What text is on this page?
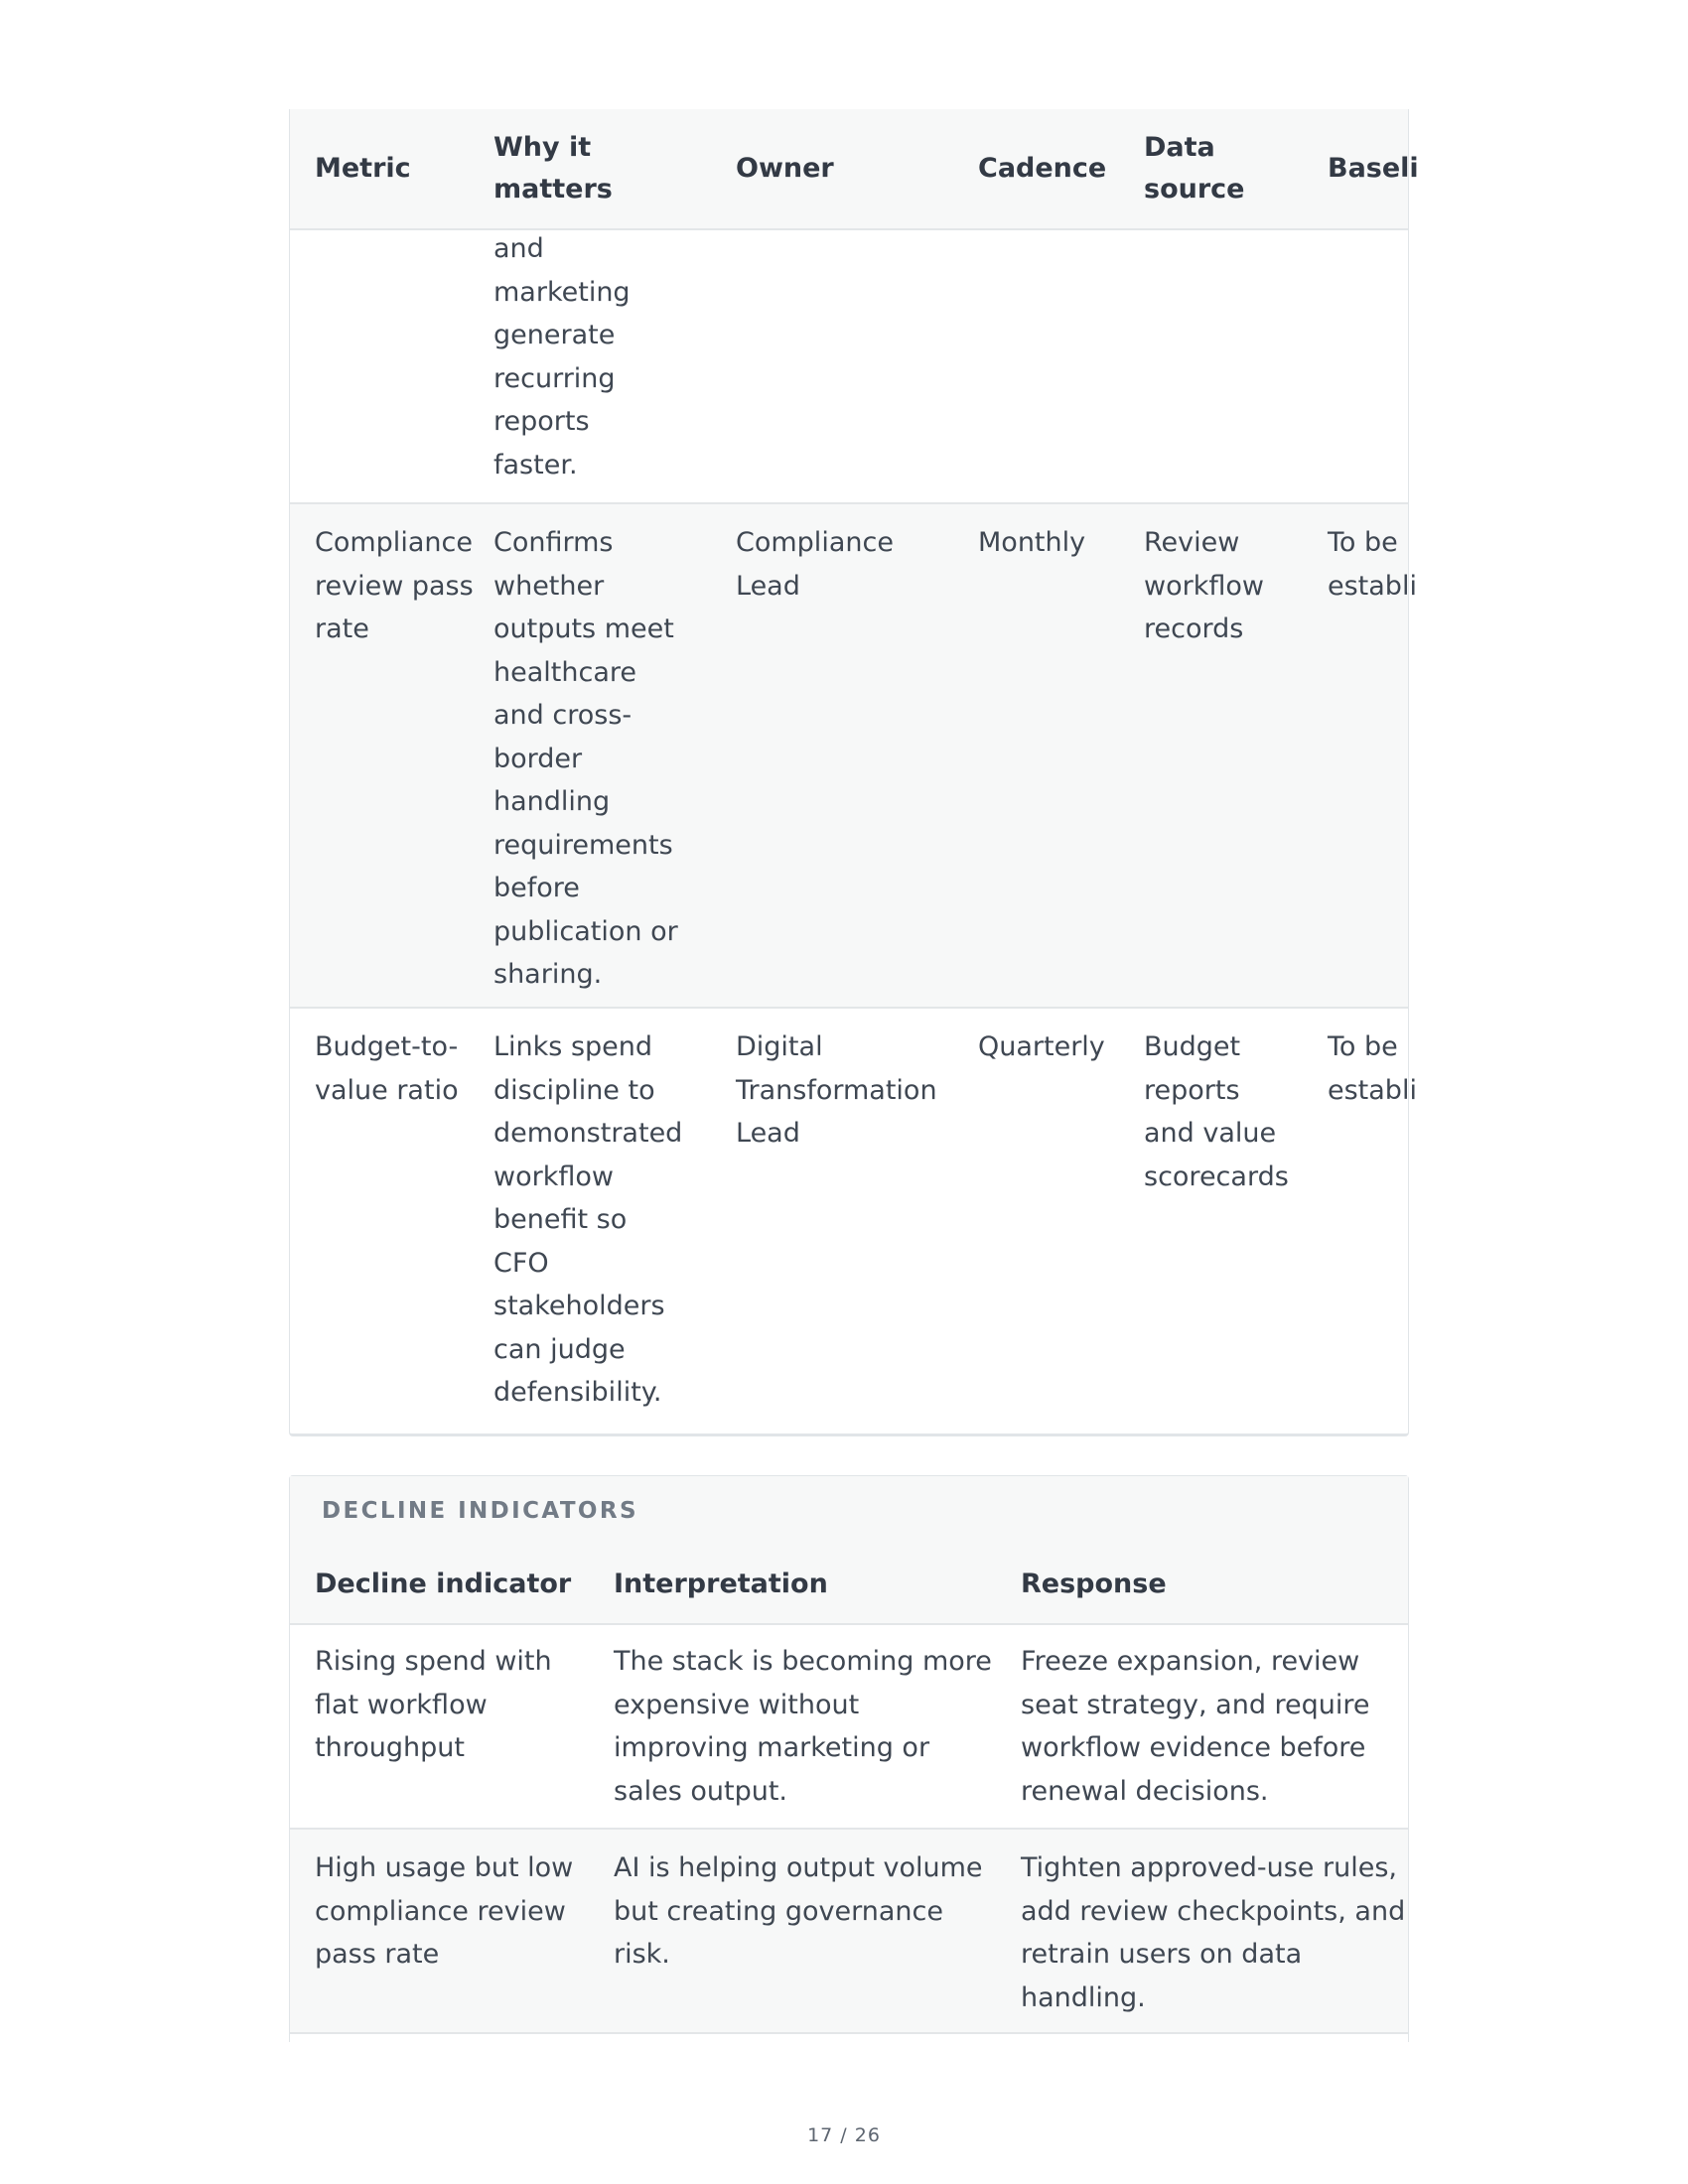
and
marketing
generate
recurring
reports
faster.
Compliance
review pass
rate
Confirms
whether
outputs meet
healthcare
and cross-
border
handling
requirements
before
publication or
sharing.
Compliance
Lead
Monthly Review
workflow
records
To be
establi
Budget-to-
value ratio
Links spend
discipline to
demonstrated
workflow
benefit so
CFO
stakeholders
can judge
defensibility.
Digital
Transformation
Lead
Quarterly Budget
reports
and value
scorecards
To be
establi
Metric
Why it
matters
Owner	Cadence
Data
source
Baseli
DECLINE INDICATORS
Decline indicator Interpretation	Response
Rising spend with
flat workflow
throughput
The stack is becoming more
expensive without
improving marketing or
sales output.
Freeze expansion, review
seat strategy, and require
workflow evidence before
renewal decisions.
High usage but low
compliance review
pass rate
AI is helping output volume
but creating governance
risk.
Tighten approved-use rules,
add review checkpoints, and
retrain users on data
handling.
17 / 26
